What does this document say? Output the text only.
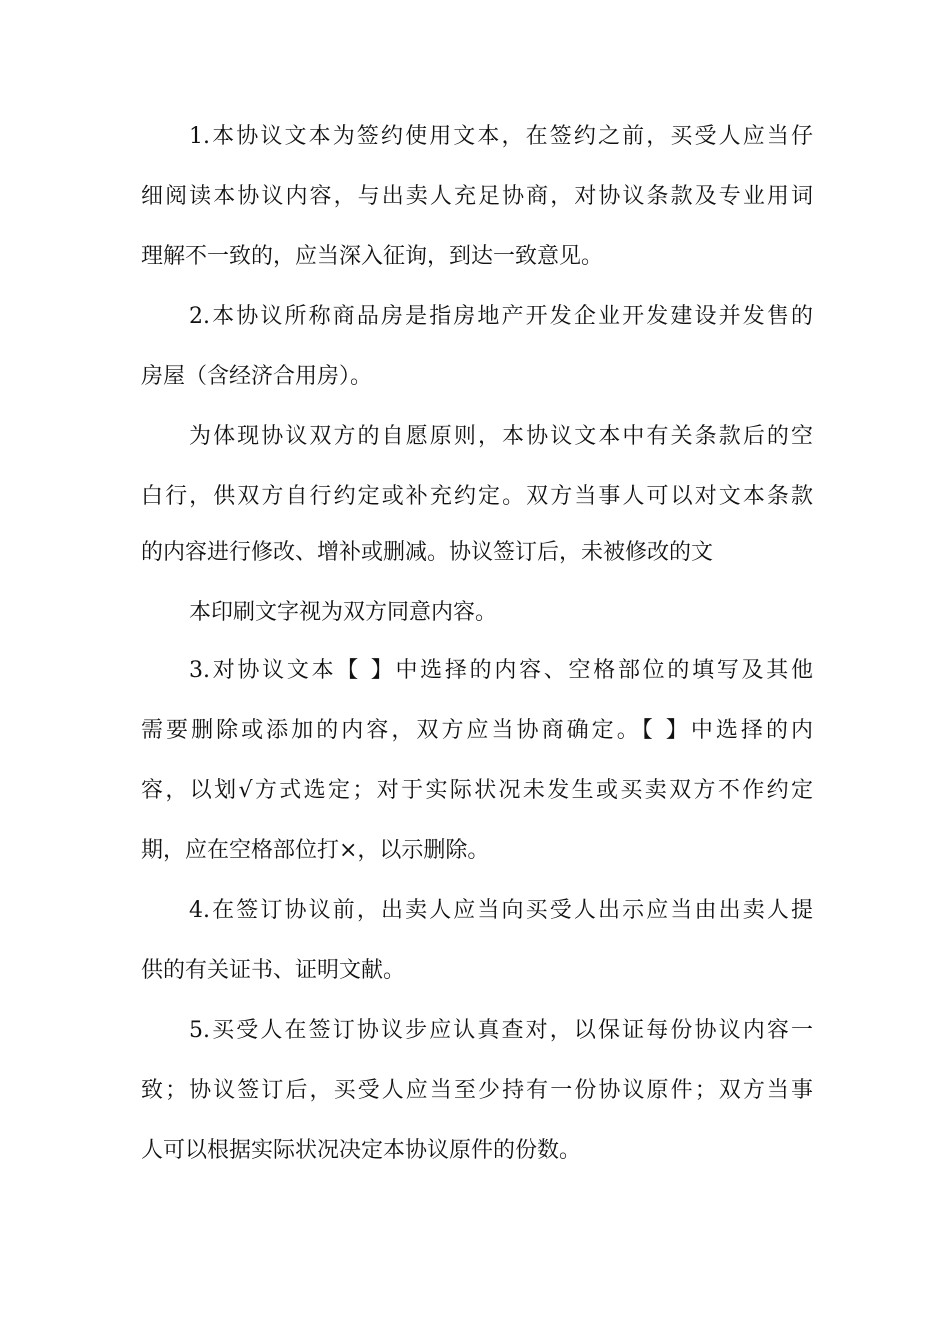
1.本协议文本为签约使用文本，在签约之前，买受人应当仔
细阅读本协议内容，与出卖人充足协商，对协议条款及专业用词
理解不一致的，应当深入征询，到达一致意见。
2.本协议所称商品房是指房地产开发企业开发建设并发售的
房屋（含经济合用房）。
为体现协议双方的自愿原则，本协议文本中有关条款后的空
白行，供双方自行约定或补充约定。双方当事人可以对文本条款
的内容进行修改、增补或删减。协议签订后，未被修改的文
本印刷文字视为双方同意内容。
3.对协议文本【 】中选择的内容、空格部位的填写及其他
需要删除或添加的内容，双方应当协商确定。【 】中选择的内
容，以划√方式选定；对于实际状况未发生或买卖双方不作约定
期，应在空格部位打×，以示删除。
4.在签订协议前，出卖人应当向买受人出示应当由出卖人提
供的有关证书、证明文献。
5.买受人在签订协议步应认真查对，以保证每份协议内容一
致；协议签订后，买受人应当至少持有一份协议原件；双方当事
人可以根据实际状况决定本协议原件的份数。
